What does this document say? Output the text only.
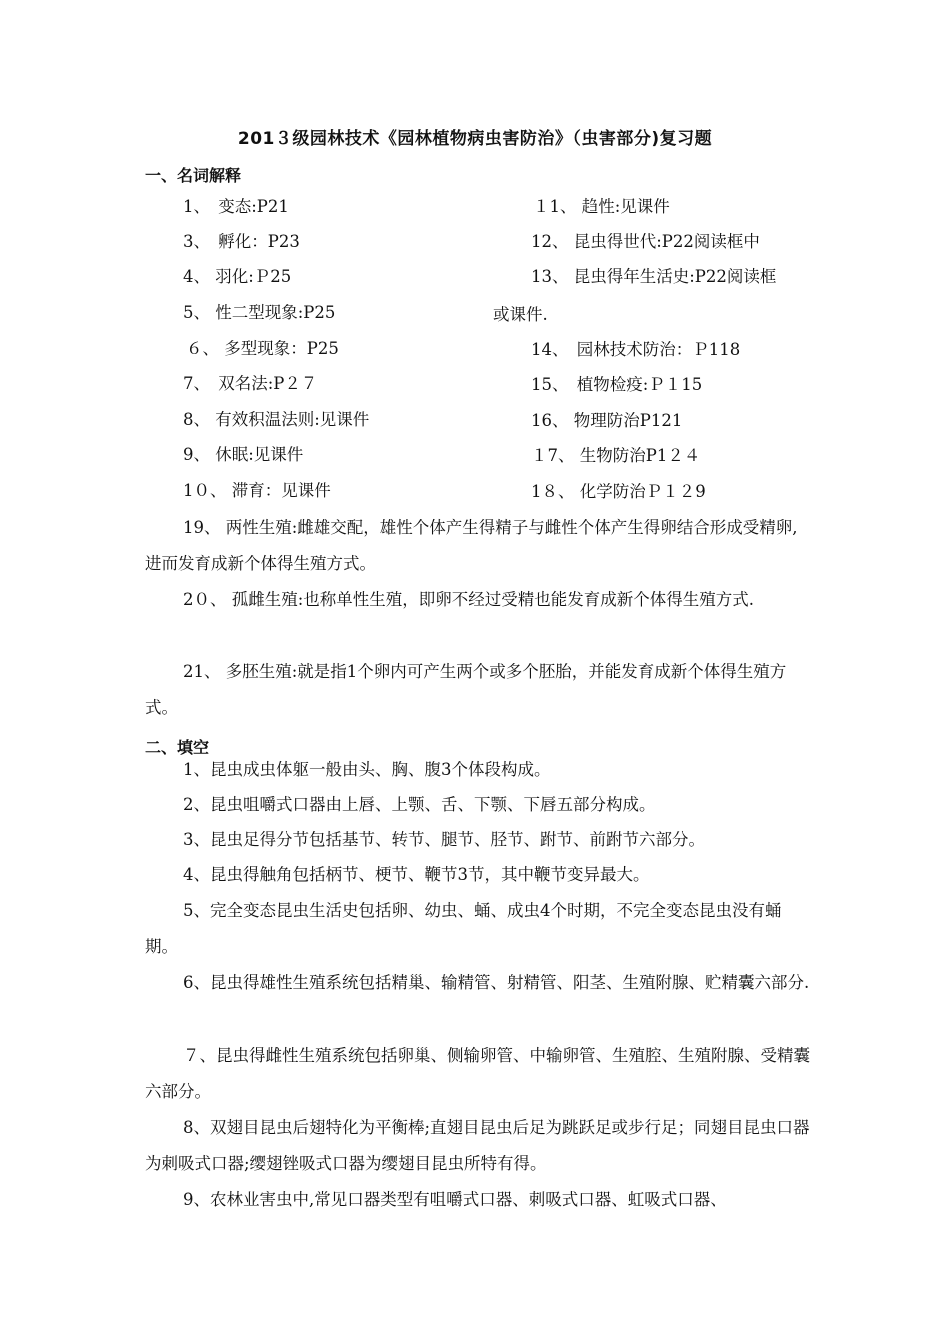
201３级园林技术《园林植物病虫害防治》（虫害部分)复习题
一、名词解释
1、　变态:P21
3、　孵化：P23
4、 羽化:Ｐ25
5、 性二型现象:P25
６、 多型现象：P25
7、　双名法:P２７
8、 有效积温法则:见课件
9、 休眠:见课件
1０、 滞育：见课件
１1、 趋性:见课件
12、 昆虫得世代:P22阅读框中
13、 昆虫得年生活史:P22阅读框
或课件.
14、　园林技术防治：Ｐ118
15、　植物检疫:Ｐ１15
16、 物理防治P121
１7、 生物防治P1２４
1８、 化学防治Ｐ１２9

19、 两性生殖:雌雄交配，雄性个体产生得精子与雌性个体产生得卵结合形成受精卵,进而发育成新个体得生殖方式。

2０、 孤雌生殖:也称单性生殖，即卵不经过受精也能发育成新个体得生殖方式.

21、 多胚生殖:就是指1个卵内可产生两个或多个胚胎，并能发育成新个体得生殖方式。

二、填空

1、昆虫成虫体躯一般由头、胸、腹3个体段构成。

2、昆虫咀嚼式口器由上唇、上颚、舌、下颚、下唇五部分构成。

3、昆虫足得分节包括基节、转节、腿节、胫节、跗节、前跗节六部分。

4、昆虫得触角包括柄节、梗节、鞭节3节，其中鞭节变异最大。

5、完全变态昆虫生活史包括卵、幼虫、蛹、成虫4个时期，不完全变态昆虫没有蛹期。

6、昆虫得雄性生殖系统包括精巢、输精管、射精管、阳茎、生殖附腺、贮精囊六部分.

７、昆虫得雌性生殖系统包括卵巢、侧输卵管、中输卵管、生殖腔、生殖附腺、受精囊六部分。

8、双翅目昆虫后翅特化为平衡棒;直翅目昆虫后足为跳跃足或步行足；同翅目昆虫口器为刺吸式口器;缨翅锉吸式口器为缨翅目昆虫所特有得。

9、农林业害虫中,常见口器类型有咀嚼式口器、刺吸式口器、虹吸式口器、
